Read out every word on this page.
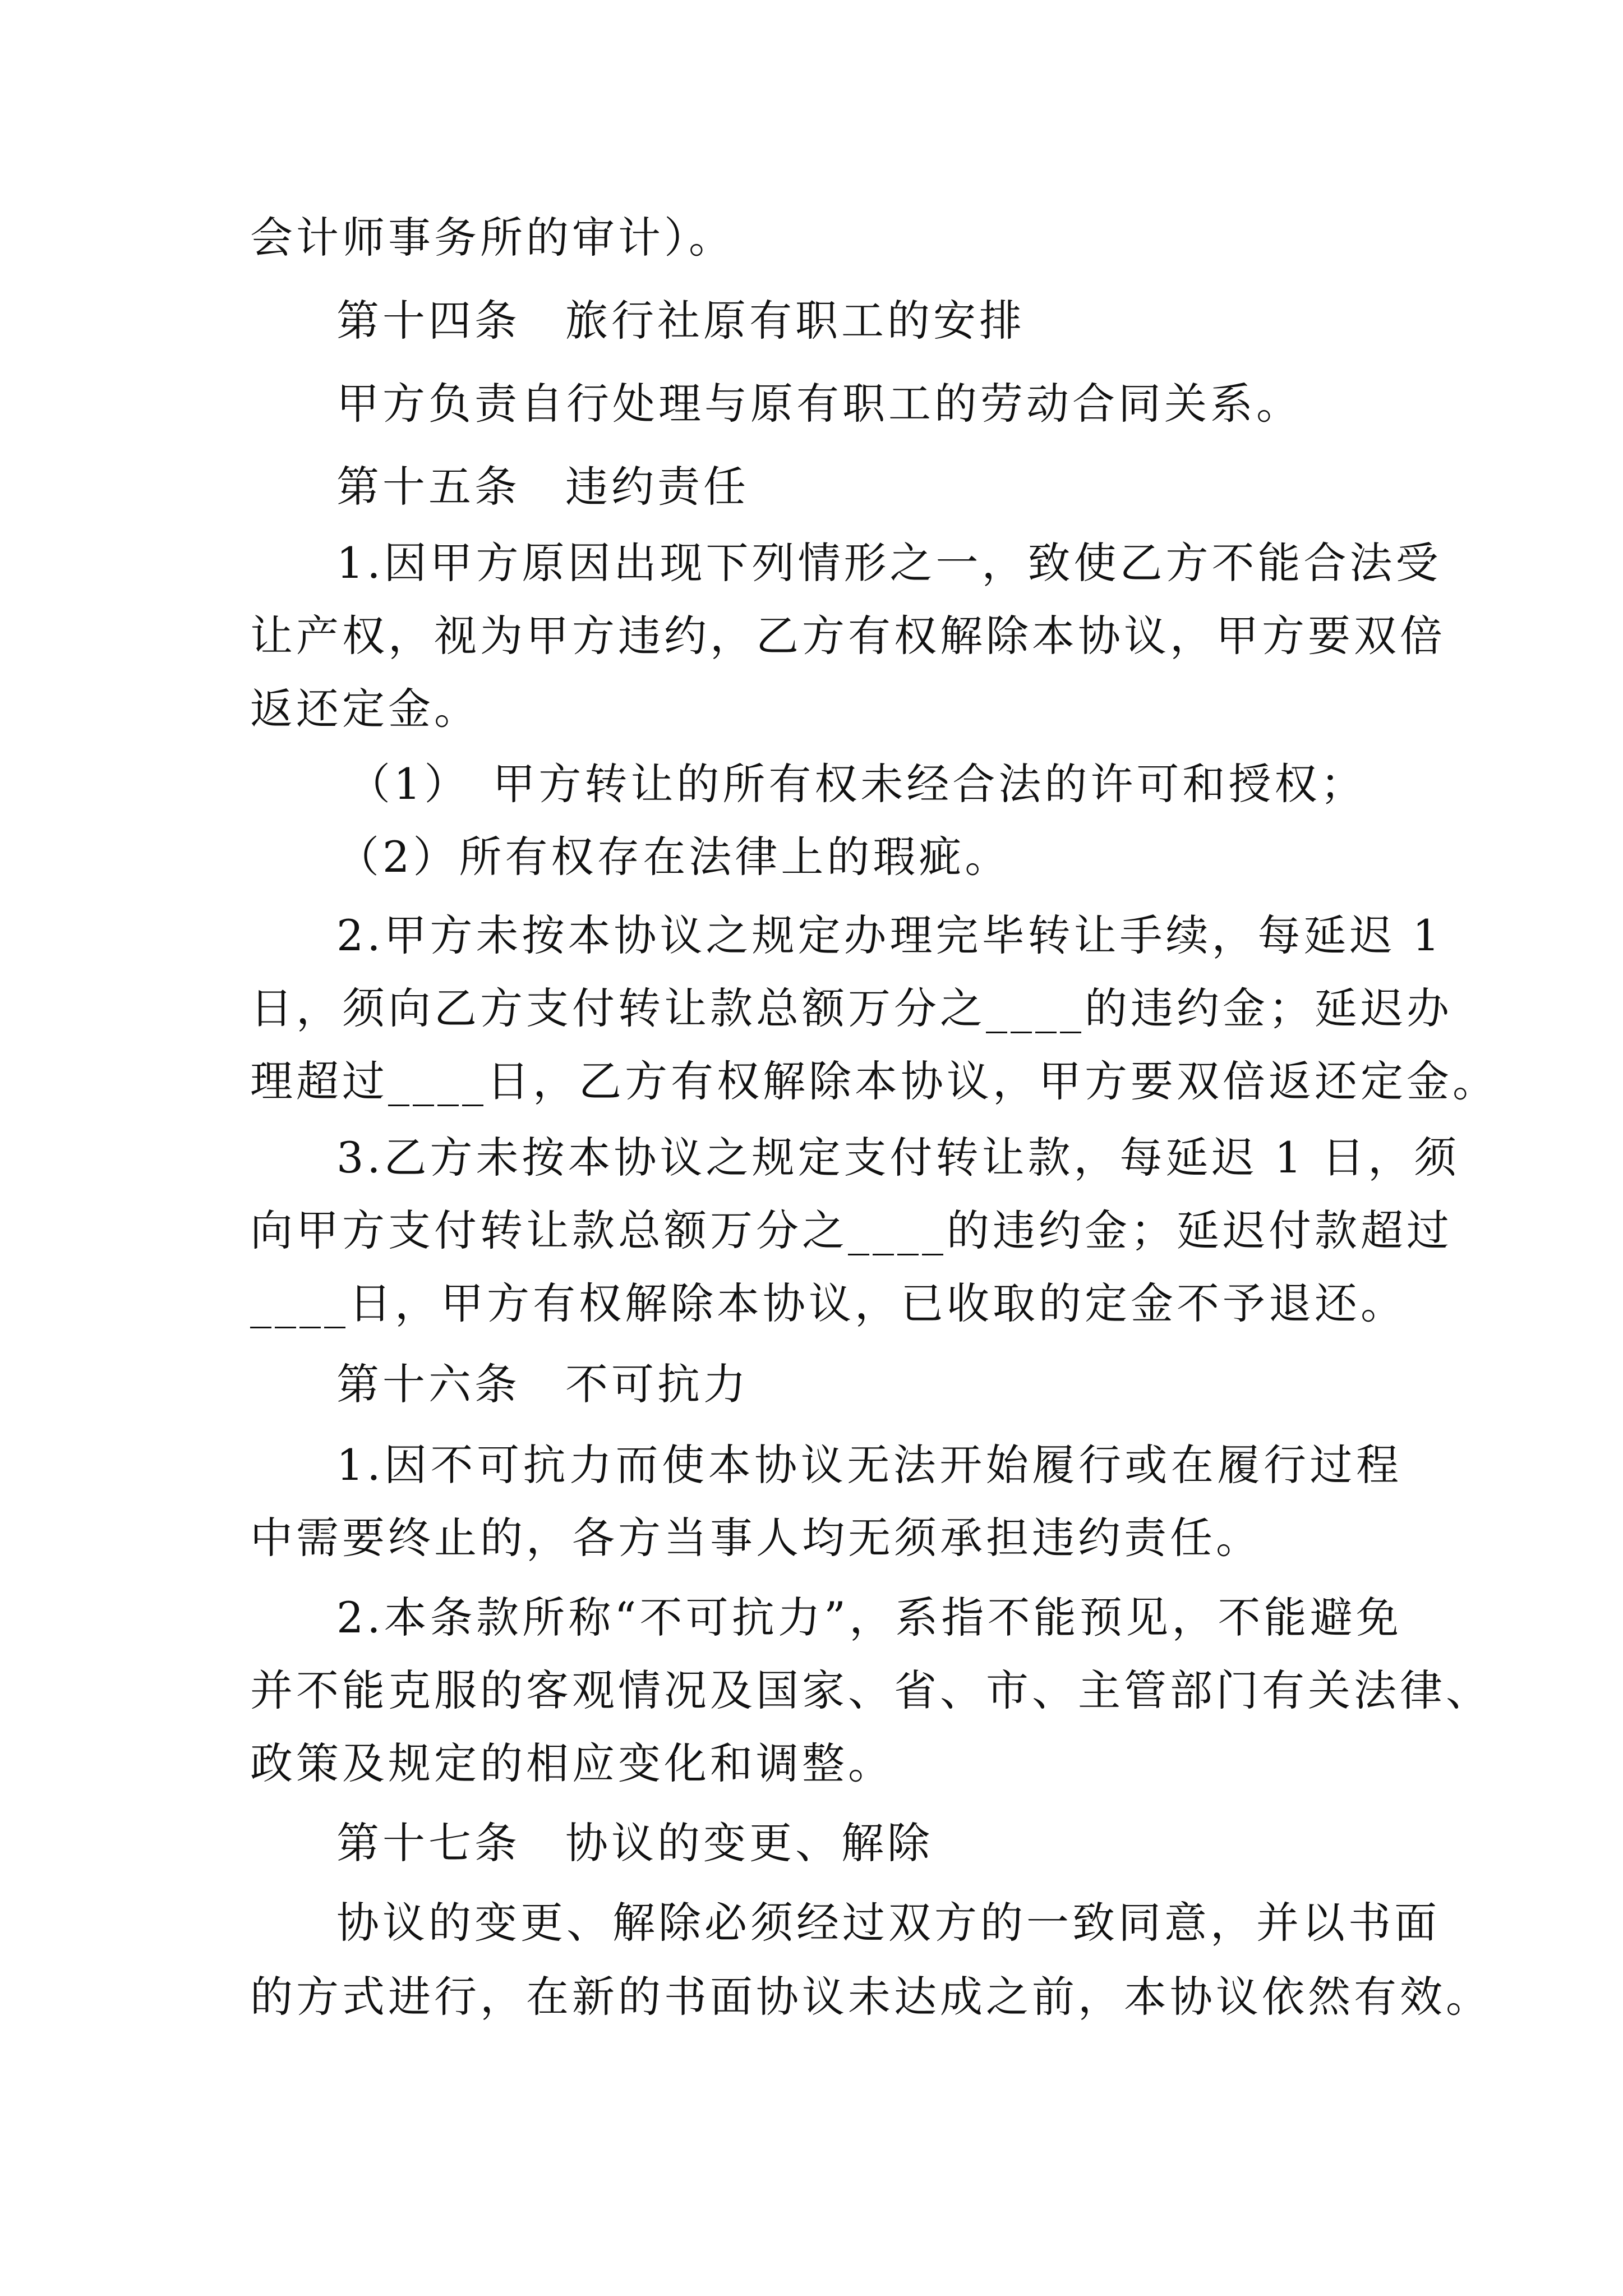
会计师事务所的审计）。
第十四条 旅行社原有职工的安排
甲方负责自行处理与原有职工的劳动合同关系。
第十五条 违约责任
1.因甲方原因出现下列情形之一，致使乙方不能合法受
让产权，视为甲方违约，乙方有权解除本协议，甲方要双倍
返还定金。
（1） 甲方转让的所有权未经合法的许可和授权；
（2）所有权存在法律上的瑕疵。
2.甲方未按本协议之规定办理完毕转让手续，每延迟 1
日，须向乙方支付转让款总额万分之____的违约金；延迟办
理超过____日，乙方有权解除本协议，甲方要双倍返还定金。
3.乙方未按本协议之规定支付转让款，每延迟 1 日，须
向甲方支付转让款总额万分之____的违约金；延迟付款超过
____日，甲方有权解除本协议，已收取的定金不予退还。
第十六条 不可抗力
1.因不可抗力而使本协议无法开始履行或在履行过程
中需要终止的，各方当事人均无须承担违约责任。
2.本条款所称“不可抗力”，系指不能预见，不能避免
并不能克服的客观情况及国家、省、市、主管部门有关法律、
政策及规定的相应变化和调整。
第十七条 协议的变更、解除
协议的变更、解除必须经过双方的一致同意，并以书面
的方式进行，在新的书面协议未达成之前，本协议依然有效。
